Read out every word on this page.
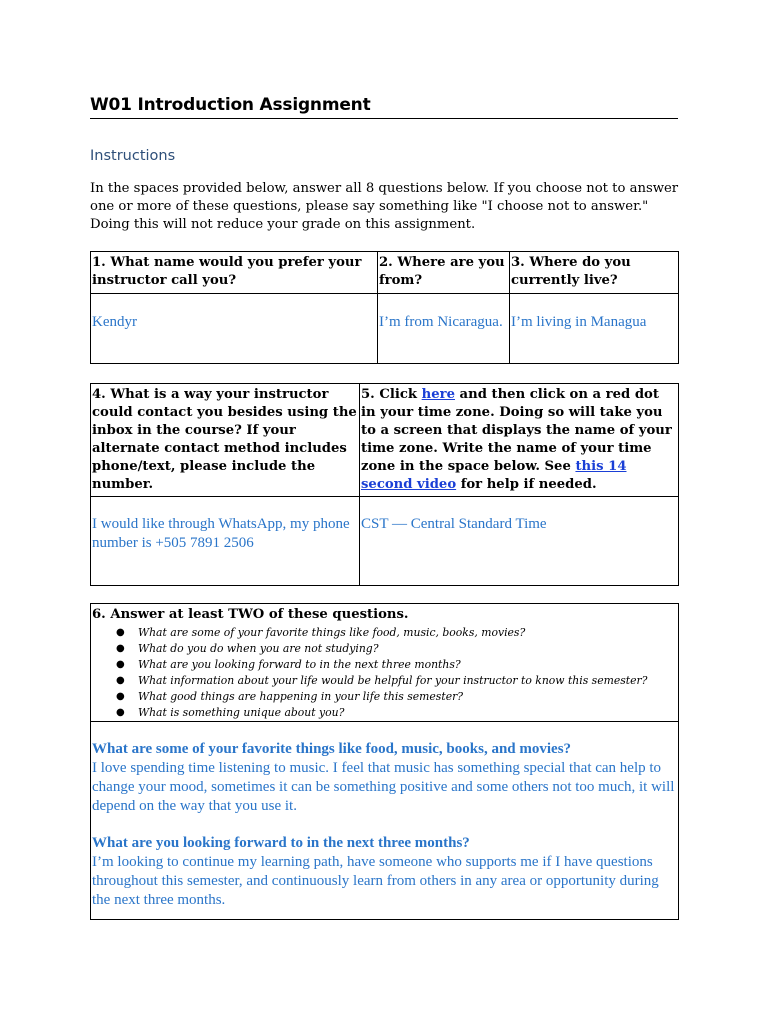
W01 Introduction Assignment
Instructions
In the spaces provided below, answer all 8 questions below. If you choose not to answer one or more of these questions, please say something like "I choose not to answer." Doing this will not reduce your grade on this assignment.
1. What name would you prefer your instructor call you?	2. Where are you from?	3. Where do you currently live?

Kendyr	I’m from Nicaragua.	I’m living in Managua
4. What is a way your instructor could contact you besides using the inbox in the course? If your alternate contact method includes phone/text, please include the number.	5. Click here and then click on a red dot in your time zone. Doing so will take you to a screen that displays the name of your time zone. Write the name of your time zone in the space below. See this 14 second video for help if needed.

I would like through WhatsApp, my phone number is +505 7891 2506	CST — Central Standard Time
6. Answer at least TWO of these questions.
● What are some of your favorite things like food, music, books, movies?
● What do you do when you are not studying?
● What are you looking forward to in the next three months?
● What information about your life would be helpful for your instructor to know this semester?
● What good things are happening in your life this semester?
● What is something unique about you?

What are some of your favorite things like food, music, books, and movies?
I love spending time listening to music. I feel that music has something special that can help to change your mood, sometimes it can be something positive and some others not too much, it will depend on the way that you use it.
What are you looking forward to in the next three months?
I’m looking to continue my learning path, have someone who supports me if I have questions throughout this semester, and continuously learn from others in any area or opportunity during the next three months.
